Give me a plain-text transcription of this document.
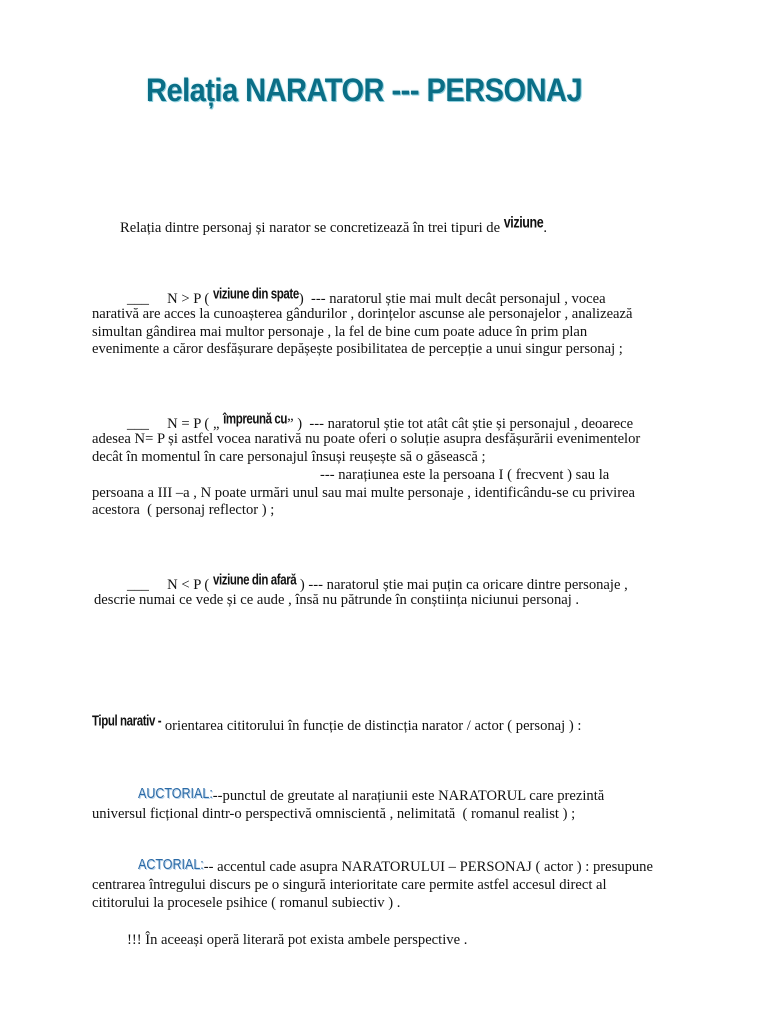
Relația NARATOR --- PERSONAJ
Relația dintre personaj și narator se concretizează în trei tipuri de viziune.
___ N > P ( viziune din spate)  --- naratorul știe mai mult decât personajul , vocea
narativă are acces la cunoașterea gândurilor , dorințelor ascunse ale personajelor , analizează
simultan gândirea mai multor personaje , la fel de bine cum poate aduce în prim plan
evenimente a căror desfășurare depășește posibilitatea de percepție a unui singur personaj ;
___ N = P ( „ împreună cu” )  --- naratorul știe tot atât cât știe și personajul , deoarece
adesea N= P și astfel vocea narativă nu poate oferi o soluție asupra desfășurării evenimentelor
decât în momentul în care personajul însuși reușește să o găsească ;
--- narațiunea este la persoana I ( frecvent ) sau la
persoana a III –a , N poate urmări unul sau mai multe personaje , identificându-se cu privirea
acestora  ( personaj reflector ) ;
___ N < P ( viziune din afară ) --- naratorul știe mai puțin ca oricare dintre personaje ,
descrie numai ce vede și ce aude , însă nu pătrunde în conștiința niciunui personaj .
Tipul narativ - orientarea cititorului în funcție de distincția narator / actor ( personaj ) :
AUCTORIAL:--punctul de greutate al narațiunii este NARATORUL care prezintă
universul ficțional dintr-o perspectivă omniscientă , nelimitată  ( romanul realist ) ;
ACTORIAL:-- accentul cade asupra NARATORULUI – PERSONAJ ( actor ) : presupune
centrarea întregului discurs pe o singură interioritate care permite astfel accesul direct al
cititorului la procesele psihice ( romanul subiectiv ) .
!!! În aceeași operă literară pot exista ambele perspective .
